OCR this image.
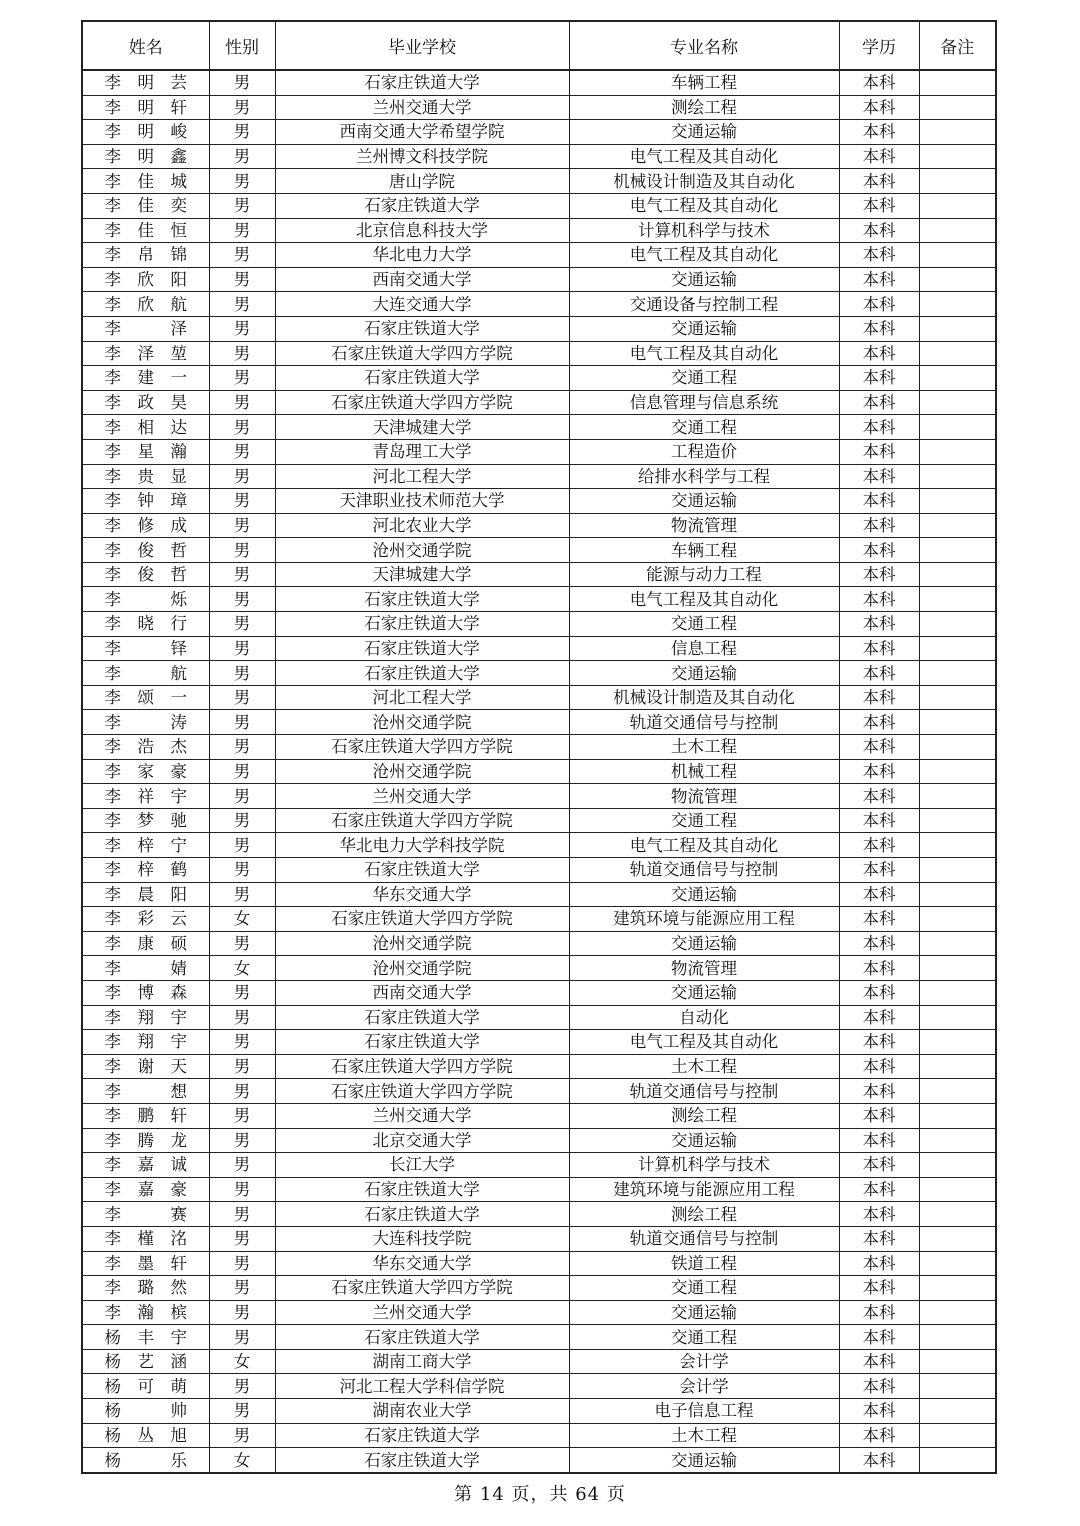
姓名	性别	毕业学校	专业名称	学历	备注
李　明　芸	男	石家庄铁道大学	车辆工程	本科	
李　明　轩	男	兰州交通大学	测绘工程	本科	
李　明　峻	男	西南交通大学希望学院	交通运输	本科	
李　明　鑫	男	兰州博文科技学院	电气工程及其自动化	本科	
李　佳　城	男	唐山学院	机械设计制造及其自动化	本科	
李　佳　奕	男	石家庄铁道大学	电气工程及其自动化	本科	
李　佳　恒	男	北京信息科技大学	计算机科学与技术	本科	
李　帛　锦	男	华北电力大学	电气工程及其自动化	本科	
李　欣　阳	男	西南交通大学	交通运输	本科	
李　欣　航	男	大连交通大学	交通设备与控制工程	本科	
李　　　泽	男	石家庄铁道大学	交通运输	本科	
李　泽　堃	男	石家庄铁道大学四方学院	电气工程及其自动化	本科	
李　建　一	男	石家庄铁道大学	交通工程	本科	
李　政　昊	男	石家庄铁道大学四方学院	信息管理与信息系统	本科	
李　相　达	男	天津城建大学	交通工程	本科	
李　星　瀚	男	青岛理工大学	工程造价	本科	
李　贵　显	男	河北工程大学	给排水科学与工程	本科	
李　钟　璋	男	天津职业技术师范大学	交通运输	本科	
李　修　成	男	河北农业大学	物流管理	本科	
李　俊　哲	男	沧州交通学院	车辆工程	本科	
李　俊　哲	男	天津城建大学	能源与动力工程	本科	
李　　　烁	男	石家庄铁道大学	电气工程及其自动化	本科	
李　晓　行	男	石家庄铁道大学	交通工程	本科	
李　　　铎	男	石家庄铁道大学	信息工程	本科	
李　　　航	男	石家庄铁道大学	交通运输	本科	
李　颂　一	男	河北工程大学	机械设计制造及其自动化	本科	
李　　　涛	男	沧州交通学院	轨道交通信号与控制	本科	
李　浩　杰	男	石家庄铁道大学四方学院	土木工程	本科	
李　家　豪	男	沧州交通学院	机械工程	本科	
李　祥　宇	男	兰州交通大学	物流管理	本科	
李　梦　驰	男	石家庄铁道大学四方学院	交通工程	本科	
李　梓　宁	男	华北电力大学科技学院	电气工程及其自动化	本科	
李　梓　鹤	男	石家庄铁道大学	轨道交通信号与控制	本科	
李　晨　阳	男	华东交通大学	交通运输	本科	
李　彩　云	女	石家庄铁道大学四方学院	建筑环境与能源应用工程	本科	
李　康　硕	男	沧州交通学院	交通运输	本科	
李　　　婧	女	沧州交通学院	物流管理	本科	
李　博　森	男	西南交通大学	交通运输	本科	
李　翔　宇	男	石家庄铁道大学	自动化	本科	
李　翔　宇	男	石家庄铁道大学	电气工程及其自动化	本科	
李　谢　天	男	石家庄铁道大学四方学院	土木工程	本科	
李　　　想	男	石家庄铁道大学四方学院	轨道交通信号与控制	本科	
李　鹏　轩	男	兰州交通大学	测绘工程	本科	
李　腾　龙	男	北京交通大学	交通运输	本科	
李　嘉　诚	男	长江大学	计算机科学与技术	本科	
李　嘉　豪	男	石家庄铁道大学	建筑环境与能源应用工程	本科	
李　　　赛	男	石家庄铁道大学	测绘工程	本科	
李　槿　洺	男	大连科技学院	轨道交通信号与控制	本科	
李　墨　轩	男	华东交通大学	铁道工程	本科	
李　璐　然	男	石家庄铁道大学四方学院	交通工程	本科	
李　瀚　槟	男	兰州交通大学	交通运输	本科	
杨　丰　宇	男	石家庄铁道大学	交通工程	本科	
杨　艺　涵	女	湖南工商大学	会计学	本科	
杨　可　萌	男	河北工程大学科信学院	会计学	本科	
杨　　　帅	男	湖南农业大学	电子信息工程	本科	
杨　丛　旭	男	石家庄铁道大学	土木工程	本科	
杨　　　乐	女	石家庄铁道大学	交通运输	本科	
第 14 页，共 64 页
